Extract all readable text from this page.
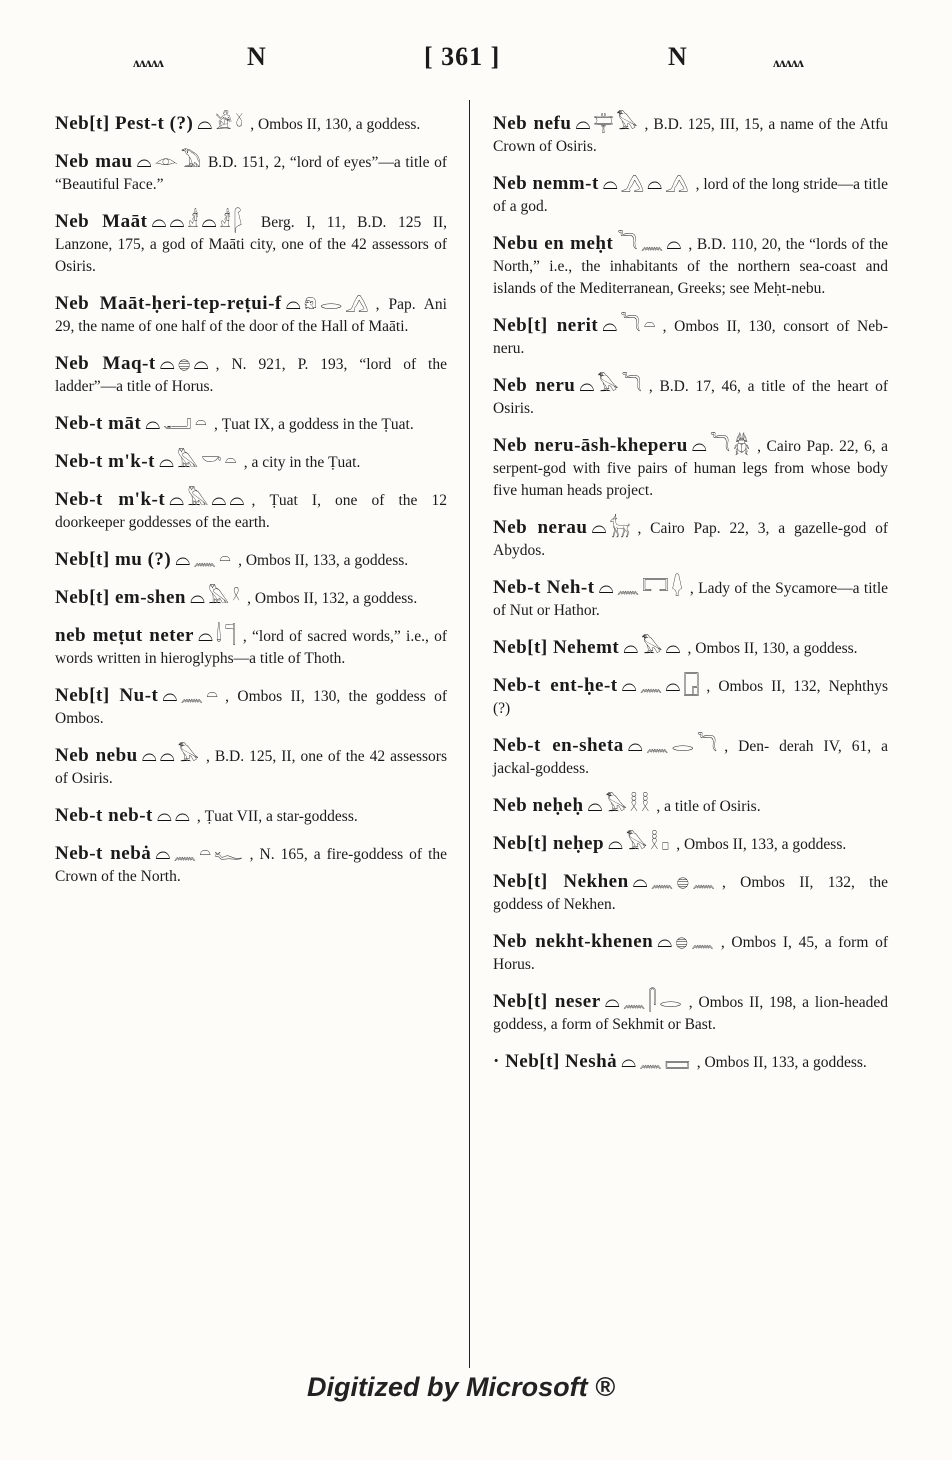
ʌʌʌʌʌ	N	[ 361 ]	N	ʌʌʌʌʌ
Neb[t] Pest-t (?) ⌓𓀀𓍱 , Ombos II, 130, a goddess.
Neb mau ⌓𓁹𓅐 B.D. 151, 2, “lord of eyes”—a title of “Beautiful Face.”
Neb Maāt ⌓⌓𓁦⌓𓁦𓆄 Berg. I, 11, B.D. 125 II, Lanzone, 175, a god of Maāti city, one of the 42 assessors of Osiris.
Neb Maāt-ḥeri-tep-reṭui-f ⌓𓁶𓂋𓂻 , Pap. Ani 29, the name of one half of the door of the Hall of Maāti.
Neb Maq-t ⌓𓐍⌓ , N. 921, P. 193, “lord of the ladder”—a title of Horus.
Neb-t māt ⌓𓂝𓏏 , Ṭuat IX, a goddess in the Ṭuat.
Neb-t m'k-t ⌓𓅓𓎡𓏏 , a city in the Ṭuat.
Neb-t m'k-t ⌓𓅓⌓⌓ , Ṭuat I, one of the 12 doorkeeper goddesses of the earth.
Neb[t] mu (?) ⌓𓈖𓏏 , Ombos II, 133, a goddess.
Neb[t] em-shen ⌓𓅓𓍲 , Ombos II, 132, a goddess.
neb meṭut neter ⌓𓌃𓊹 , “lord of sacred words,” i.e., of words written in hieroglyphs—a title of Thoth.
Neb[t] Nu-t ⌓𓈖𓏏 , Ombos II, 130, the goddess of Ombos.
Neb nebu ⌓⌓𓅃 , B.D. 125, II, one of the 42 assessors of Osiris.
Neb-t neb-t ⌓⌓ , Ṭuat VII, a star-goddess.
Neb-t nebȧ ⌓𓈖𓏏𓆑 , N. 165, a fire-goddess of the Crown of the North.
Neb nefu ⌓𓊡𓅃 , B.D. 125, III, 15, a name of the Atfu Crown of Osiris.
Neb nemm-t ⌓𓂻⌓𓂻 , lord of the long stride—a title of a god.
Nebu en meḥt 𓆓𓈖⌓ , B.D. 110, 20, the “lords of the North,” i.e., the inhabitants of the northern sea-coast and islands of the Mediterranean, Greeks; see Meḥt-nebu.
Neb[t] nerit ⌓𓆓𓏏 , Ombos II, 130, consort of Neb-neru.
Neb neru ⌓𓅃𓆓 , B.D. 17, 46, a title of the heart of Osiris.
Neb neru-āsh-kheperu ⌓𓆓𓆣 , Cairo Pap. 22, 6, a serpent-god with five pairs of human legs from whose body five human heads project.
Neb nerau ⌓𓃴 , Cairo Pap. 22, 3, a gazelle-god of Abydos.
Neb-t Neh-t ⌓𓈖𓉐𓆭 , Lady of the Sycamore—a title of Nut or Hathor.
Neb[t] Nehemt ⌓𓅃⌓ , Ombos II, 130, a goddess.
Neb-t ent-ḥe-t ⌓𓈖⌓𓉗 , Ombos II, 132, Nephthys (?)
Neb-t en-sheta ⌓𓈖𓂋𓆓 , Den- derah IV, 61, a jackal-goddess.
Neb neḥeḥ ⌓𓅃𓎛𓎛 , a title of Osiris.
Neb[t] neḥep ⌓𓅃𓎛𓊪 , Ombos II, 133, a goddess.
Neb[t] Nekhen ⌓𓈖𓐍𓈖 , Ombos II, 132, the goddess of Nekhen.
Neb nekht-khenen ⌓𓐍𓈖 , Ombos I, 45, a form of Horus.
Neb[t] neser ⌓𓈖𓋴𓂋 , Ombos II, 198, a lion-headed goddess, a form of Sekhmit or Bast.
· Neb[t] Neshȧ ⌓𓈖𓈙 , Ombos II, 133, a goddess.
Digitized by Microsoft ®
